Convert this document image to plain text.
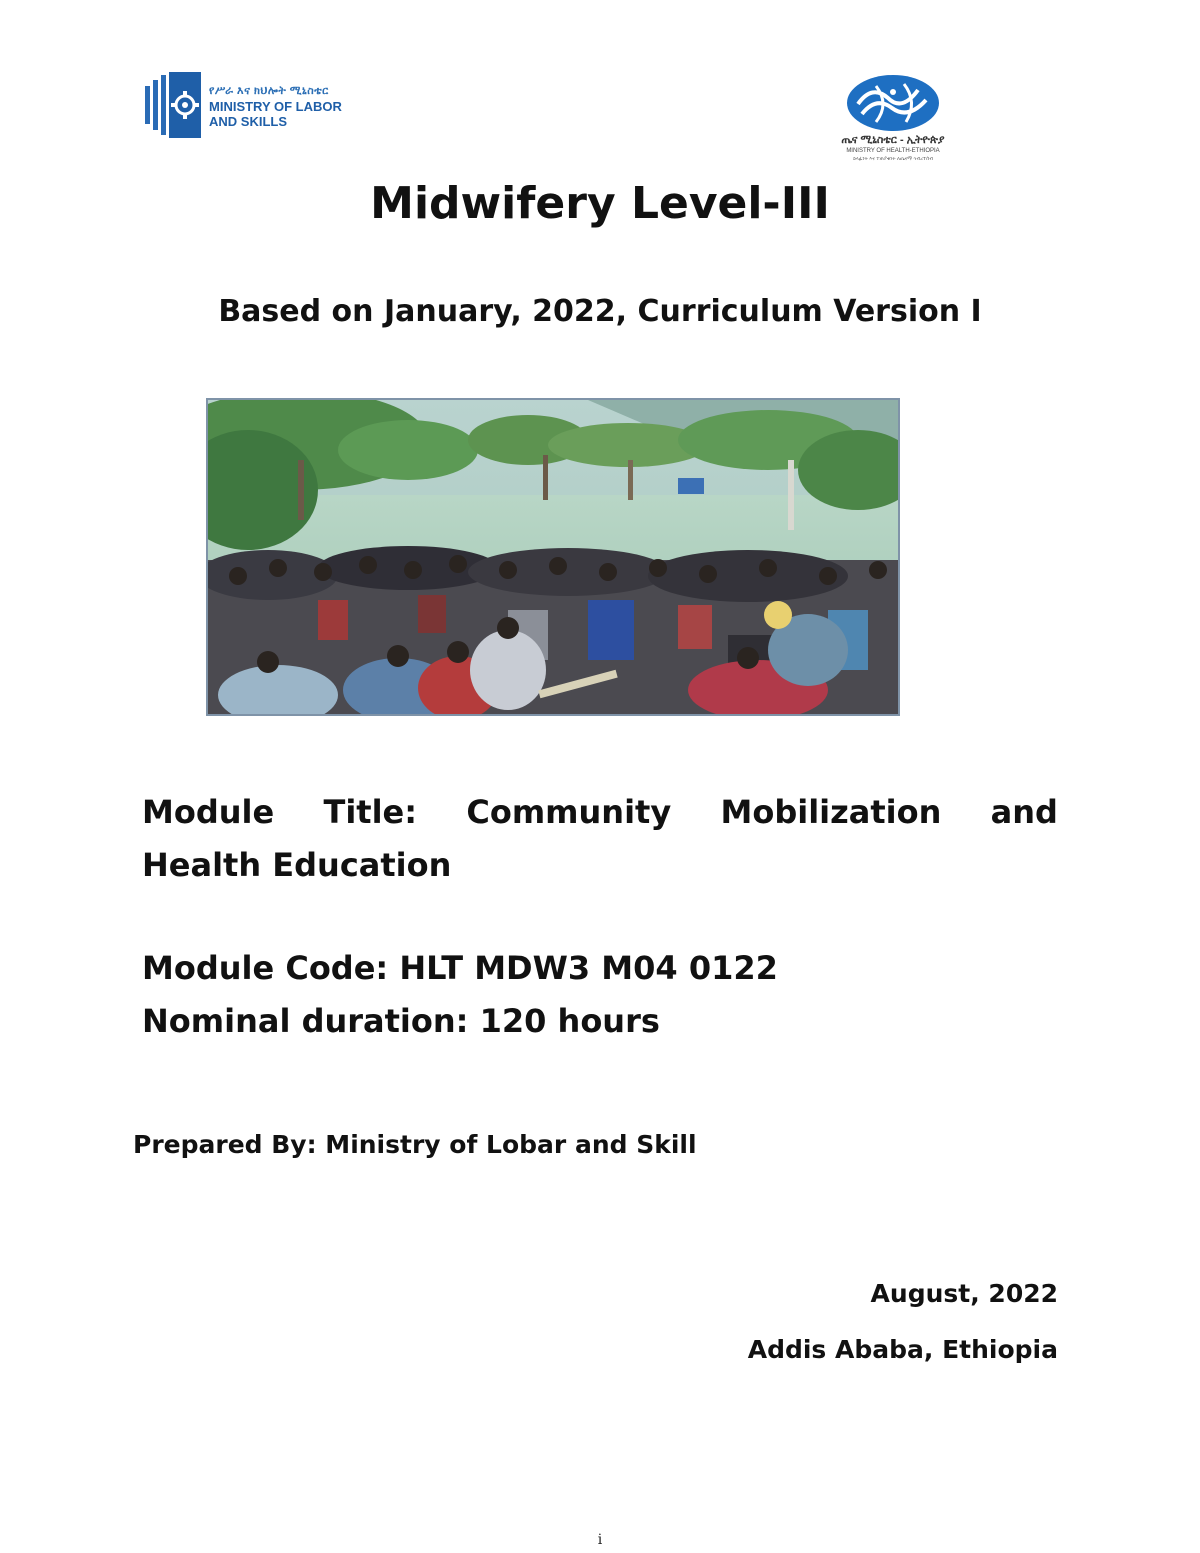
የሥራ እና ክህሎት ሚኒስቴር
MINISTRY OF LABOR
AND SKILLS
ጤና ሚኒስቴር - ኢትዮጵያ
MINISTRY OF HEALTH-ETHIOPIA
ኃላፊነት እና ተጠያቂነት ለጤናማ ኅብረተሰብ
Midwifery Level-III
Based on January, 2022, Curriculum Version I
Module Title: Community Mobilization and
Health Education
Module Code: HLT MDW3 M04 0122
Nominal duration: 120 hours
Prepared By: Ministry of Lobar and Skill
August, 2022
Addis Ababa, Ethiopia
i
